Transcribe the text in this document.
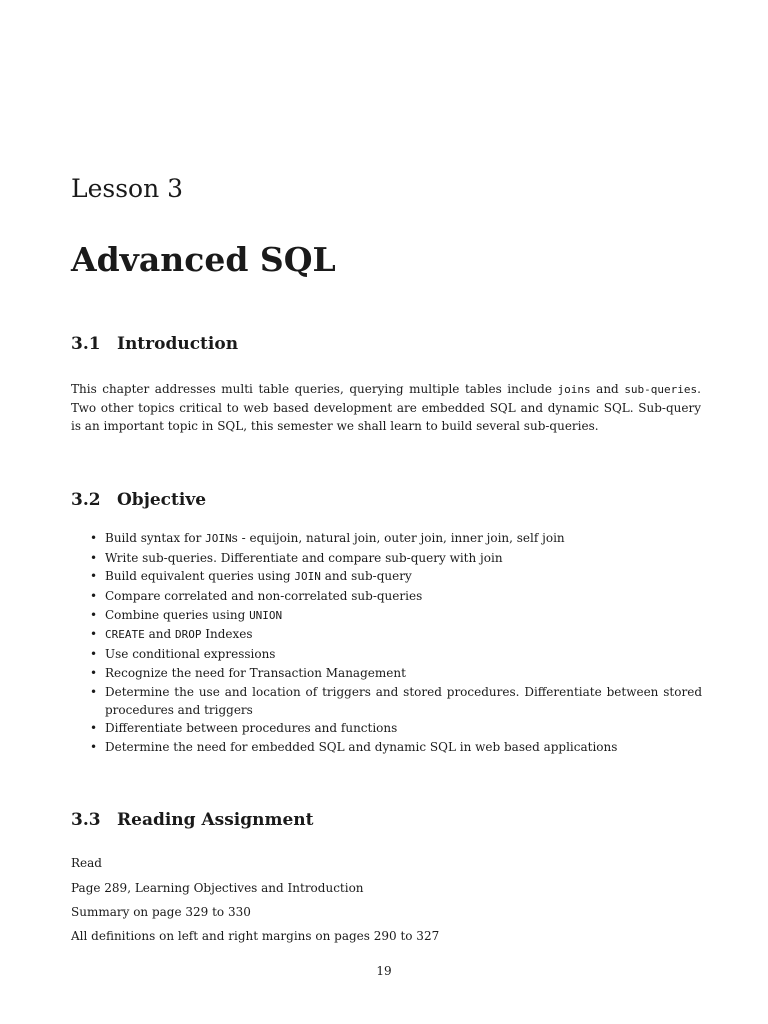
Lesson 3
Advanced SQL
3.1 Introduction

This chapter addresses multi table queries, querying multiple tables include joins and sub-queries. Two other topics critical to web based development are embedded SQL and dynamic SQL. Sub-query is an important topic in SQL, this semester we shall learn to build several sub-queries.

3.2 Objective
• Build syntax for JOINs - equijoin, natural join, outer join, inner join, self join
• Write sub-queries. Differentiate and compare sub-query with join
• Build equivalent queries using JOIN and sub-query
• Compare correlated and non-correlated sub-queries
• Combine queries using UNION
• CREATE and DROP Indexes
• Use conditional expressions
• Recognize the need for Transaction Management
• Determine the use and location of triggers and stored procedures. Differentiate between stored procedures and triggers
• Differentiate between procedures and functions
• Determine the need for embedded SQL and dynamic SQL in web based applications
3.3 Reading Assignment

Read

Page 289, Learning Objectives and Introduction

Summary on page 329 to 330

All definitions on left and right margins on pages 290 to 327

19
